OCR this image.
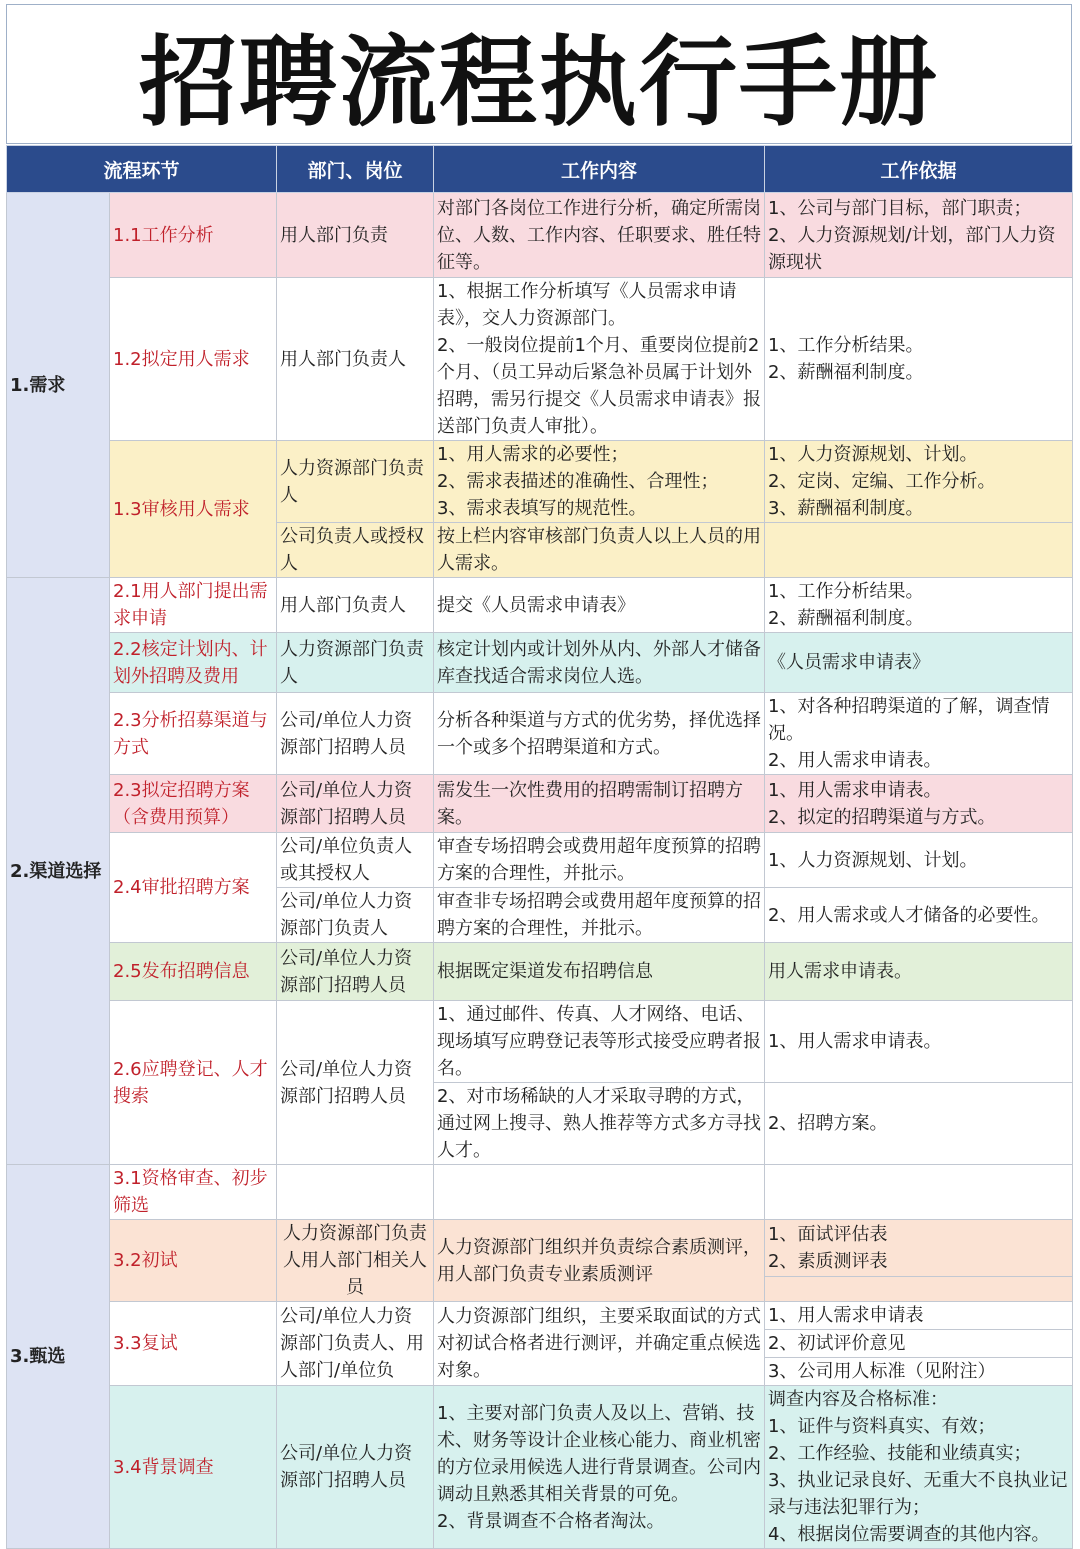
招聘流程执行手册
流程环节		部门、岗位	工作内容	工作依据
1.需求	1.1工作分析	用人部门负责	对部门各岗位工作进行分析，确定所需岗位、人数、工作内容、任职要求、胜任特征等。	1、公司与部门目标，部门职责；
2、人力资源规划/计划，部门人力资源现状
	1.2拟定用人需求	用人部门负责人	1、根据工作分析填写《人员需求申请表》，交人力资源部门。
2、一般岗位提前1个月、重要岗位提前2个月、（员工异动后紧急补员属于计划外招聘，需另行提交《人员需求申请表》报送部门负责人审批）。	1、工作分析结果。
2、薪酬福利制度。
	1.3审核用人需求	人力资源部门负责人	1、用人需求的必要性；
2、需求表描述的准确性、合理性；
3、需求表填写的规范性。	1、人力资源规划、计划。
2、定岗、定编、工作分析。
3、薪酬福利制度。
		公司负责人或授权人	按上栏内容审核部门负责人以上人员的用人需求。	
2.渠道选择	2.1用人部门提出需求申请	用人部门负责人	提交《人员需求申请表》	1、工作分析结果。
2、薪酬福利制度。
	2.2核定计划内、计划外招聘及费用	人力资源部门负责人	核定计划内或计划外从内、外部人才储备库查找适合需求岗位人选。	《人员需求申请表》
	2.3分析招募渠道与方式	公司/单位人力资源部门招聘人员	分析各种渠道与方式的优劣势，择优选择一个或多个招聘渠道和方式。	1、对各种招聘渠道的了解，调查情况。
2、用人需求申请表。
	2.3拟定招聘方案（含费用预算）	公司/单位人力资源部门招聘人员	需发生一次性费用的招聘需制订招聘方案。	1、用人需求申请表。
2、拟定的招聘渠道与方式。
	2.4审批招聘方案	公司/单位负责人或其授权人	审查专场招聘会或费用超年度预算的招聘方案的合理性，并批示。	1、人力资源规划、计划。
		公司/单位人力资源部门负责人	审查非专场招聘会或费用超年度预算的招聘方案的合理性，并批示。	2、用人需求或人才储备的必要性。
	2.5发布招聘信息	公司/单位人力资源部门招聘人员	根据既定渠道发布招聘信息	用人需求申请表。
	2.6应聘登记、人才搜索	公司/单位人力资源部门招聘人员	1、通过邮件、传真、人才网络、电话、现场填写应聘登记表等形式接受应聘者报名。	1、用人需求申请表。
			2、对市场稀缺的人才采取寻聘的方式，通过网上搜寻、熟人推荐等方式多方寻找人才。	2、招聘方案。
3.甄选	3.1资格审查、初步筛选			
	3.2初试	人力资源部门负责人用人部门相关人员	人力资源部门组织并负责综合素质测评，用人部门负责专业素质测评	1、面试评估表
2、素质测评表

	3.3复试	公司/单位人力资源部门负责人、用人部门/单位负	人力资源部门组织，主要采取面试的方式对初试合格者进行测评，并确定重点候选对象。	1、用人需求申请表
				2、初试评价意见
				3、公司用人标准（见附注）
	3.4背景调查	公司/单位人力资源部门招聘人员	1、主要对部门负责人及以上、营销、技术、财务等设计企业核心能力、商业机密的方位录用候选人进行背景调查。公司内调动且熟悉其相关背景的可免。
2、背景调查不合格者淘汰。	调查内容及合格标准：
1、证件与资料真实、有效；
2、工作经验、技能和业绩真实；
3、执业记录良好、无重大不良执业记录与违法犯罪行为；
4、根据岗位需要调查的其他内容。
